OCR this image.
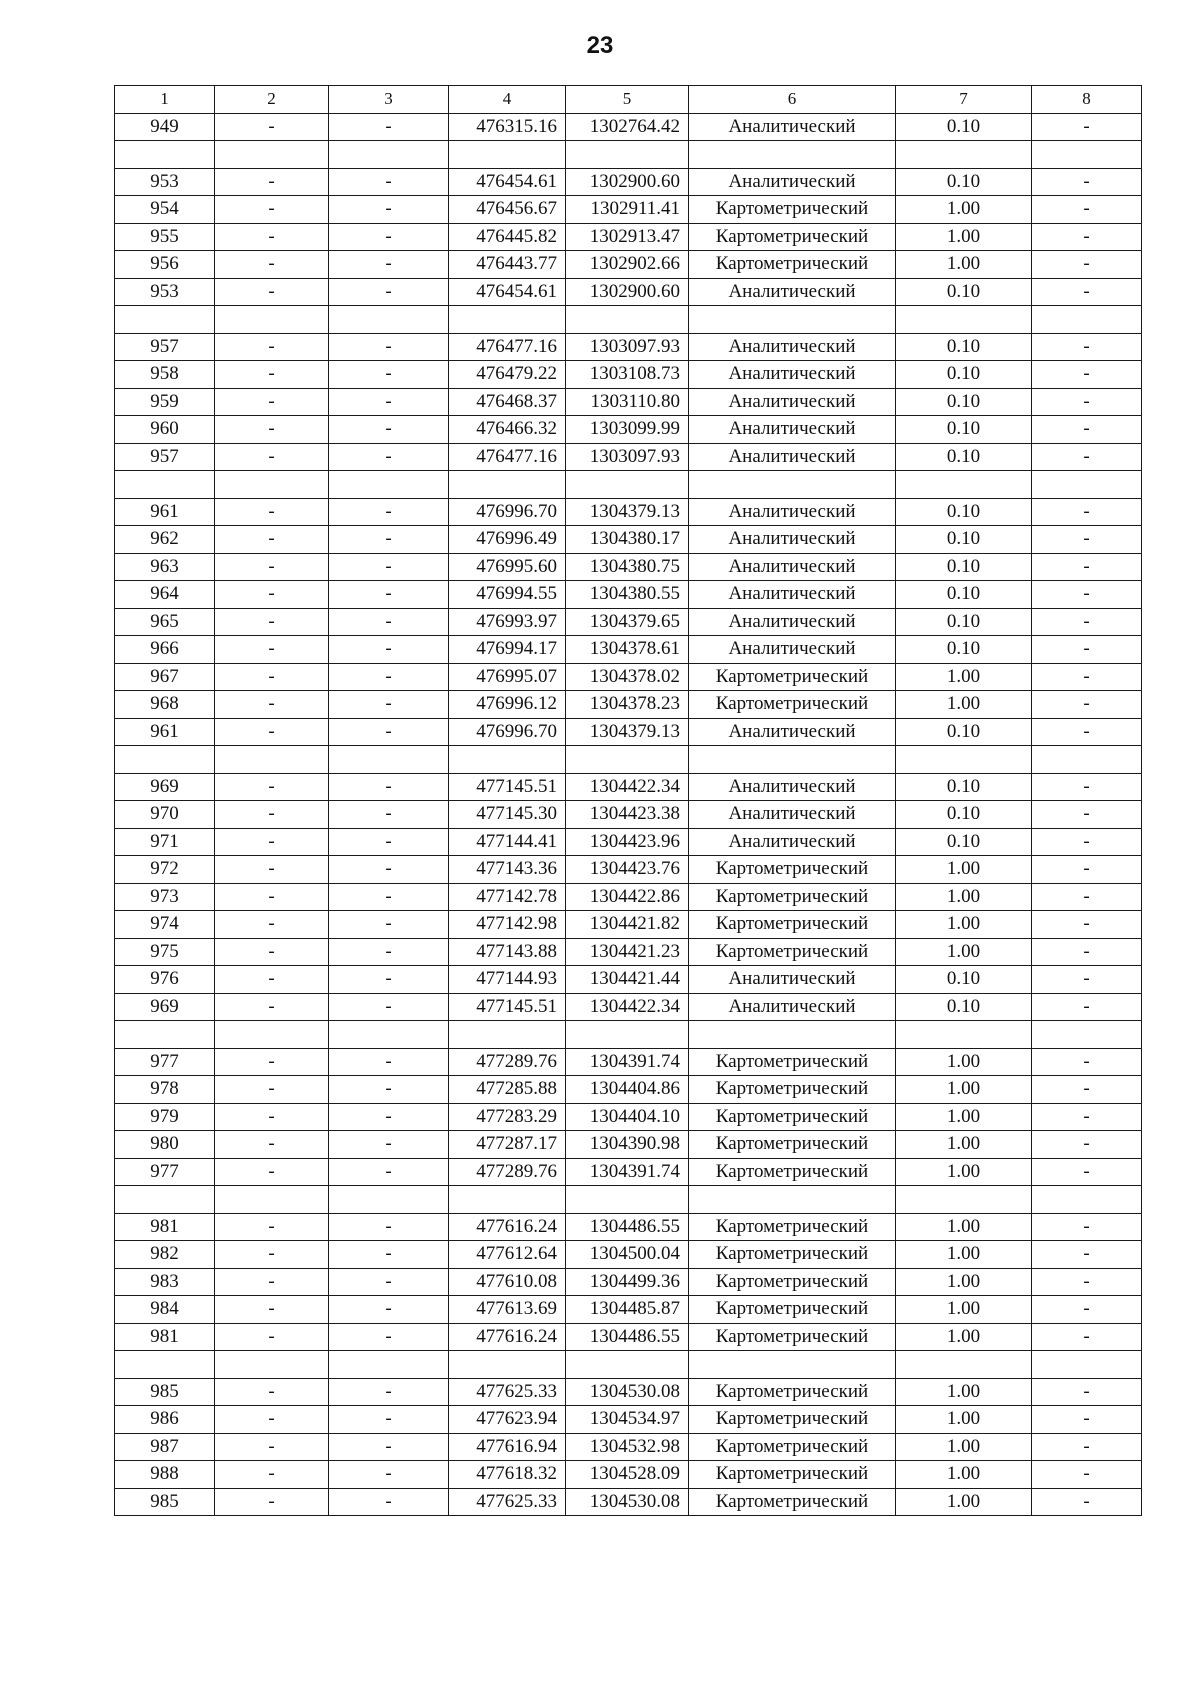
23
1	2	3	4	5	6	7	8
949	-	-	476315.16	1302764.42	Аналитический	0.10	-

953	-	-	476454.61	1302900.60	Аналитический	0.10	-
954	-	-	476456.67	1302911.41	Картометрический	1.00	-
955	-	-	476445.82	1302913.47	Картометрический	1.00	-
956	-	-	476443.77	1302902.66	Картометрический	1.00	-
953	-	-	476454.61	1302900.60	Аналитический	0.10	-

957	-	-	476477.16	1303097.93	Аналитический	0.10	-
958	-	-	476479.22	1303108.73	Аналитический	0.10	-
959	-	-	476468.37	1303110.80	Аналитический	0.10	-
960	-	-	476466.32	1303099.99	Аналитический	0.10	-
957	-	-	476477.16	1303097.93	Аналитический	0.10	-

961	-	-	476996.70	1304379.13	Аналитический	0.10	-
962	-	-	476996.49	1304380.17	Аналитический	0.10	-
963	-	-	476995.60	1304380.75	Аналитический	0.10	-
964	-	-	476994.55	1304380.55	Аналитический	0.10	-
965	-	-	476993.97	1304379.65	Аналитический	0.10	-
966	-	-	476994.17	1304378.61	Аналитический	0.10	-
967	-	-	476995.07	1304378.02	Картометрический	1.00	-
968	-	-	476996.12	1304378.23	Картометрический	1.00	-
961	-	-	476996.70	1304379.13	Аналитический	0.10	-

969	-	-	477145.51	1304422.34	Аналитический	0.10	-
970	-	-	477145.30	1304423.38	Аналитический	0.10	-
971	-	-	477144.41	1304423.96	Аналитический	0.10	-
972	-	-	477143.36	1304423.76	Картометрический	1.00	-
973	-	-	477142.78	1304422.86	Картометрический	1.00	-
974	-	-	477142.98	1304421.82	Картометрический	1.00	-
975	-	-	477143.88	1304421.23	Картометрический	1.00	-
976	-	-	477144.93	1304421.44	Аналитический	0.10	-
969	-	-	477145.51	1304422.34	Аналитический	0.10	-

977	-	-	477289.76	1304391.74	Картометрический	1.00	-
978	-	-	477285.88	1304404.86	Картометрический	1.00	-
979	-	-	477283.29	1304404.10	Картометрический	1.00	-
980	-	-	477287.17	1304390.98	Картометрический	1.00	-
977	-	-	477289.76	1304391.74	Картометрический	1.00	-

981	-	-	477616.24	1304486.55	Картометрический	1.00	-
982	-	-	477612.64	1304500.04	Картометрический	1.00	-
983	-	-	477610.08	1304499.36	Картометрический	1.00	-
984	-	-	477613.69	1304485.87	Картометрический	1.00	-
981	-	-	477616.24	1304486.55	Картометрический	1.00	-

985	-	-	477625.33	1304530.08	Картометрический	1.00	-
986	-	-	477623.94	1304534.97	Картометрический	1.00	-
987	-	-	477616.94	1304532.98	Картометрический	1.00	-
988	-	-	477618.32	1304528.09	Картометрический	1.00	-
985	-	-	477625.33	1304530.08	Картометрический	1.00	-
